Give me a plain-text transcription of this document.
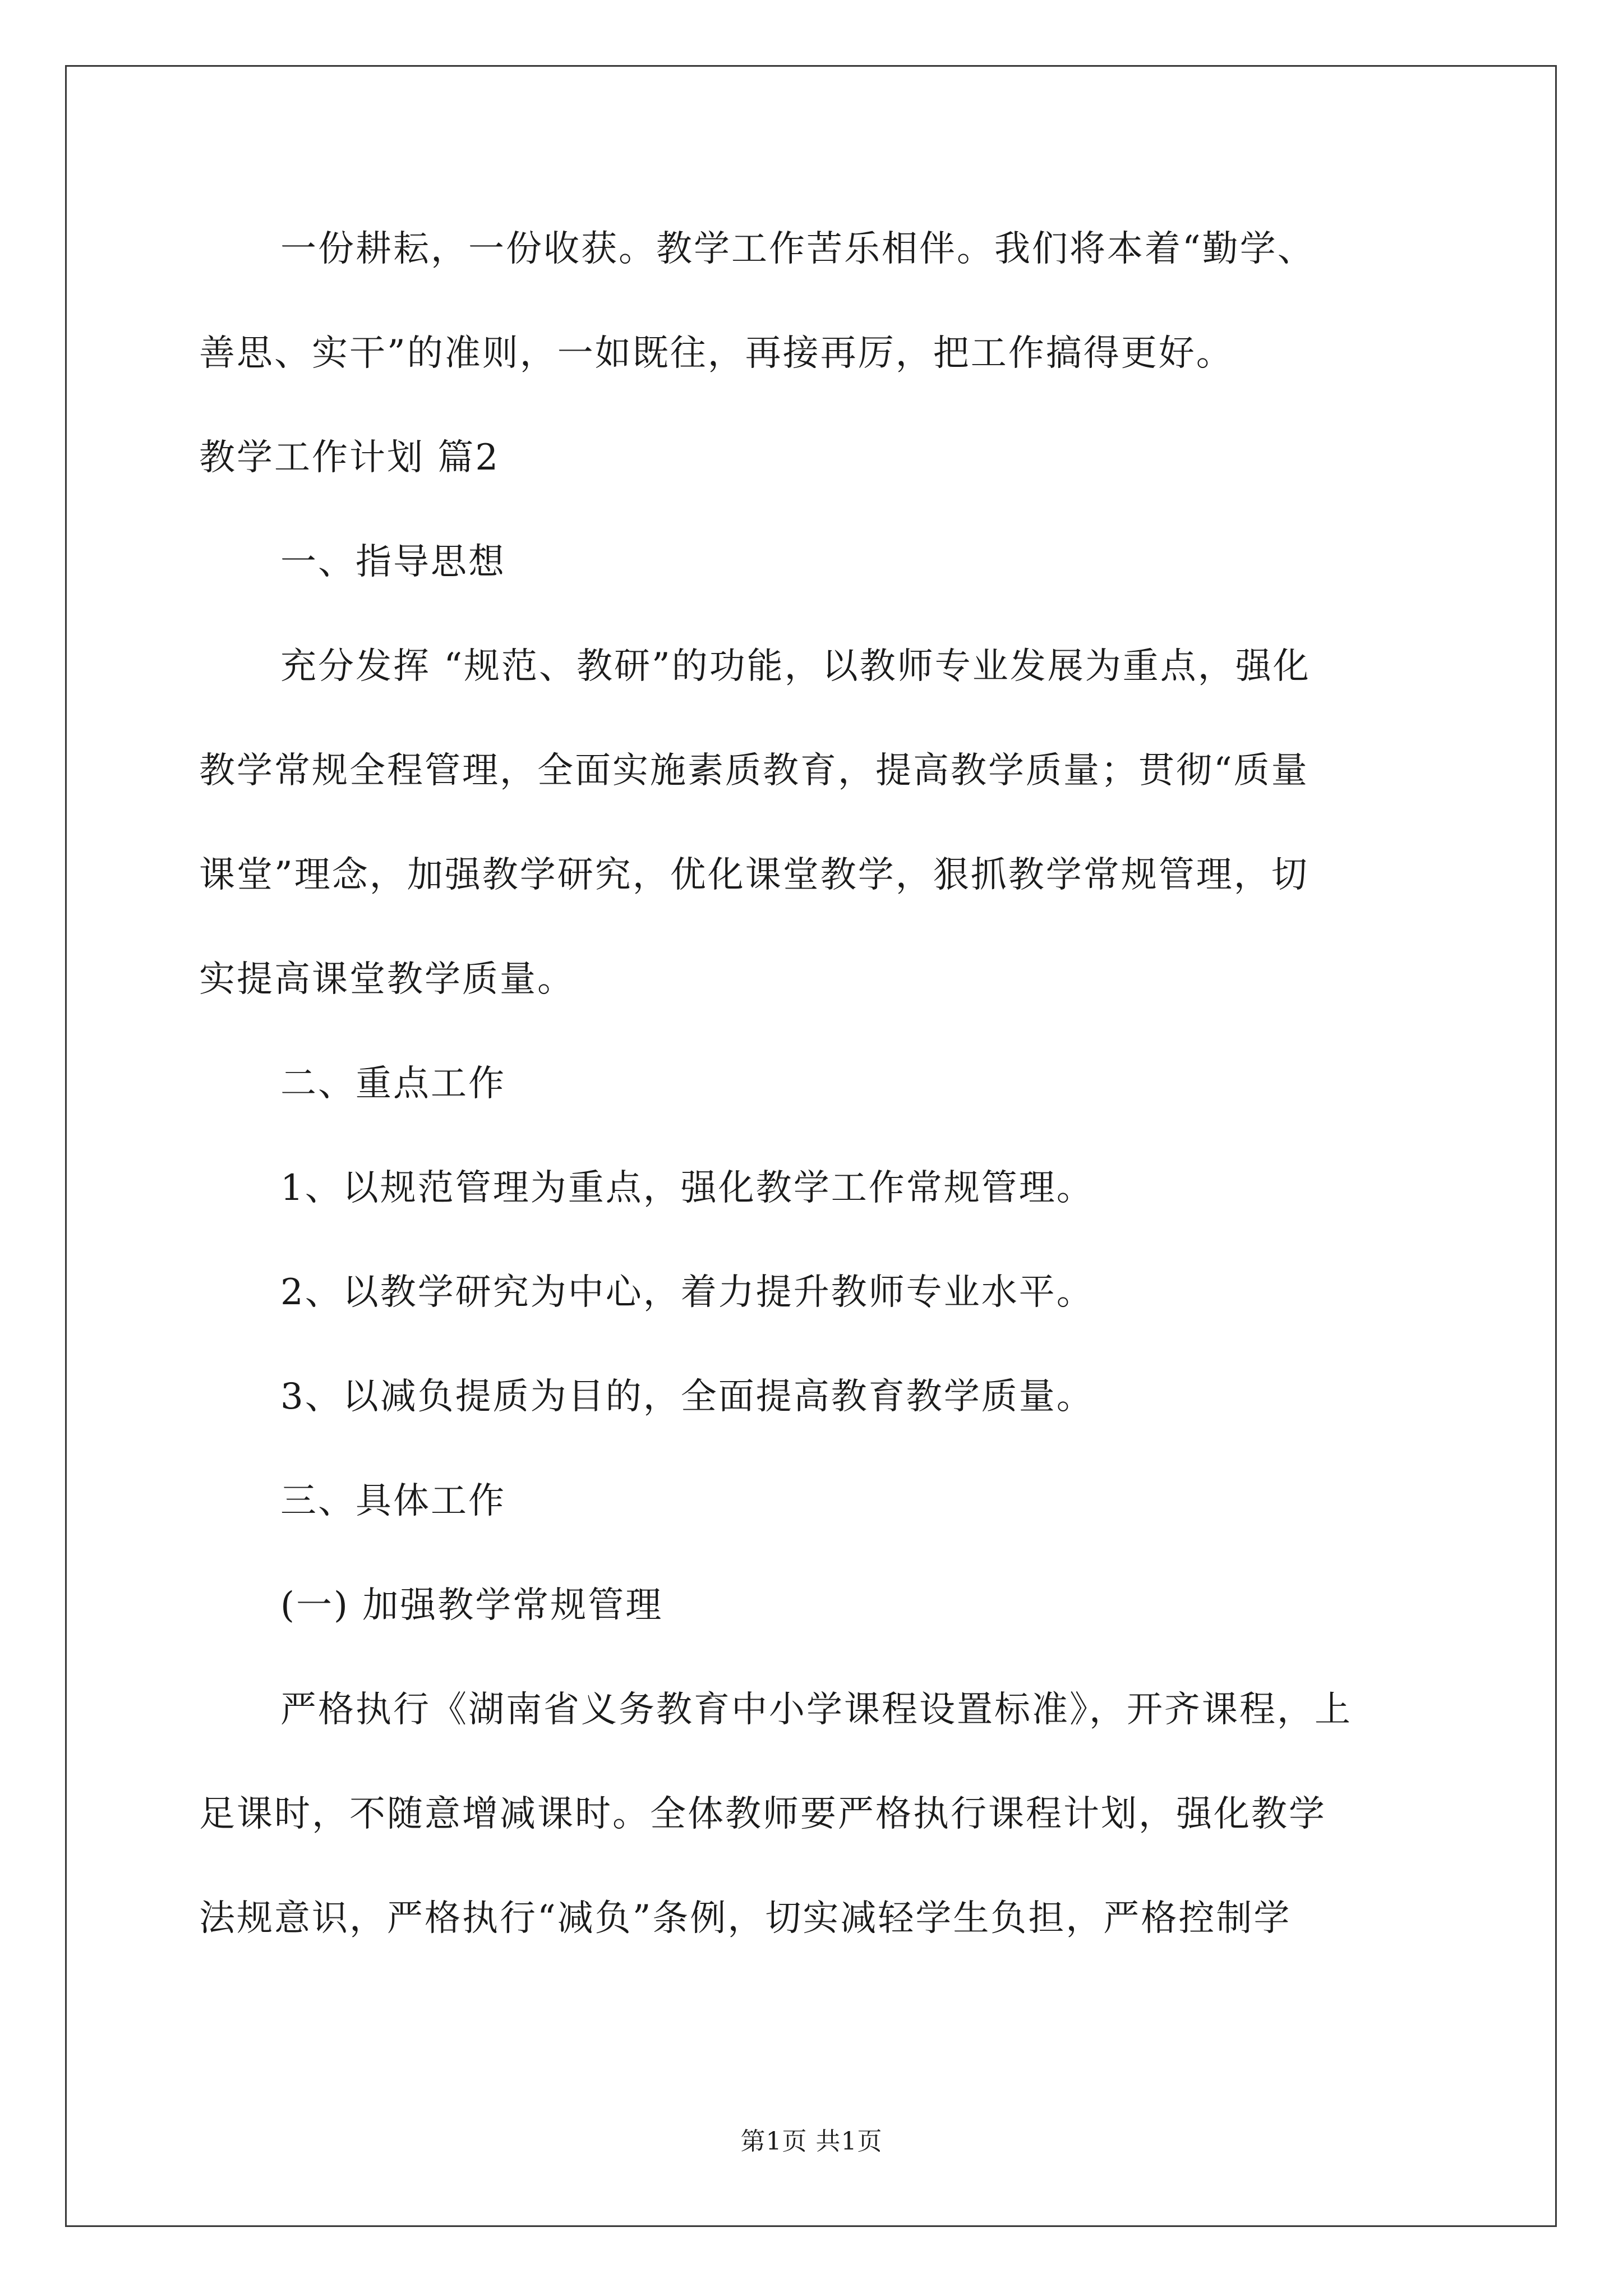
一份耕耘，一份收获。教学工作苦乐相伴。我们将本着“勤学、
善思、实干”的准则，一如既往，再接再厉，把工作搞得更好。
教学工作计划 篇2
一、指导思想
充分发挥 “规范、教研”的功能，以教师专业发展为重点，强化
教学常规全程管理，全面实施素质教育，提高教学质量；贯彻“质量
课堂”理念，加强教学研究，优化课堂教学，狠抓教学常规管理，切
实提高课堂教学质量。
二、重点工作
1、以规范管理为重点，强化教学工作常规管理。
2、以教学研究为中心，着力提升教师专业水平。
3、以减负提质为目的，全面提高教育教学质量。
三、具体工作
(一) 加强教学常规管理
严格执行《湖南省义务教育中小学课程设置标准》，开齐课程，上
足课时，不随意增减课时。全体教师要严格执行课程计划，强化教学
法规意识，严格执行“减负”条例，切实减轻学生负担，严格控制学
第1页 共1页
